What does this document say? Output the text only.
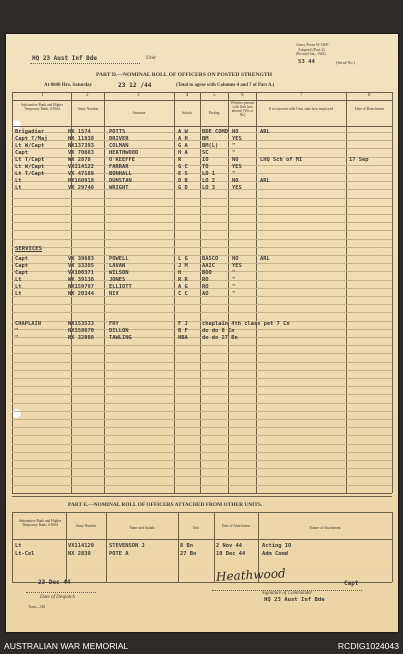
HQ 23 Aust Inf Bde	Unit
Army Form W.3369
Adapted (Part 2)
(Revised Jan., 1944)
53 44	(Serial No.)
PART D.—NOMINAL ROLL OF OFFICERS ON POSTED STRENGTH
At 0600 Hrs. Saturday	23 12 /44	(Total to agree with Columns 4 and 7 of Part A.)
1	2	3	4	5	6	7	8
Substantive Rank and Higher Temporary Rank, if Held	Army Number
Surname	Initials	Posting
Whether present with Unit (not absent) (Yes or No)
If not present with Unit, state how employed	Date of Detachment
Brigadier	NX 1574	POTTS	A W	BDE COMD NO	ARL
Capt T/Maj	NX 11838	DRIVER	A H	BM	YES
Lt W/Capt	NX137393	COLMAN	G A	BM(L)	"
Capt	VX 70883	HEATHWOOD	H A	SC	"
Lt T/Capt	WX 2878	O'KEEFFE	R	IO	NO	LHQ Sch of MI	17 Sep
Lt W/Capt	VX114122	FARRAR	G C	TO	YES
Lt T/Capt	VX 47188	BONHALL	E S	LO 1	"
Lt	NX160918	DUNSTAN	D B	LO 2	NO	ARL
Lt	VX 29748	WRIGHT	G D	LO 3	YES
SERVICES
Capt	VX 39683	POWELL	L G	BASCO	NO	ARL
Capt	VX 33305	LAVAN	J M	AAIC	YES
Capt	VX100371	WILSON	H	BOO	"
Lt	WX 39138	JONES	R R	RO	"
Lt	NX159797	ELLIOTT	A G	RO	"
Lt	NX 20344	NIX	C C	AO	"
CHAPLAIN	NX153533	FRY	F J	chaplain 4th class pet 7 Cn
"	NX158670	DILLON	B F	do do 8 Cn
"	NX 32808	TAWLING	HBA	do do 27 Bn
PART E.—NOMINAL ROLL OF OFFICERS ATTACHED FROM OTHER UNITS.
Substantive Rank and Higher Temporary Rank, if Held	Army Number	Name and Initials	Unit	Date of Attachment	Nature of Attachment
Lt	VX114120	STEVENSON J	8 Bn	2 Nov 44	Acting IO
Lt-Col	NX 2830	POTE A	27 Bn	10 Dec 44	Adm Comd
23 Dec 44
Date of Despatch
Heathwood	Capt
Signature of Commander
HQ 23 Aust Inf Bde
Trans—148
AUSTRALIAN WAR MEMORIAL	RCDIG1024043
